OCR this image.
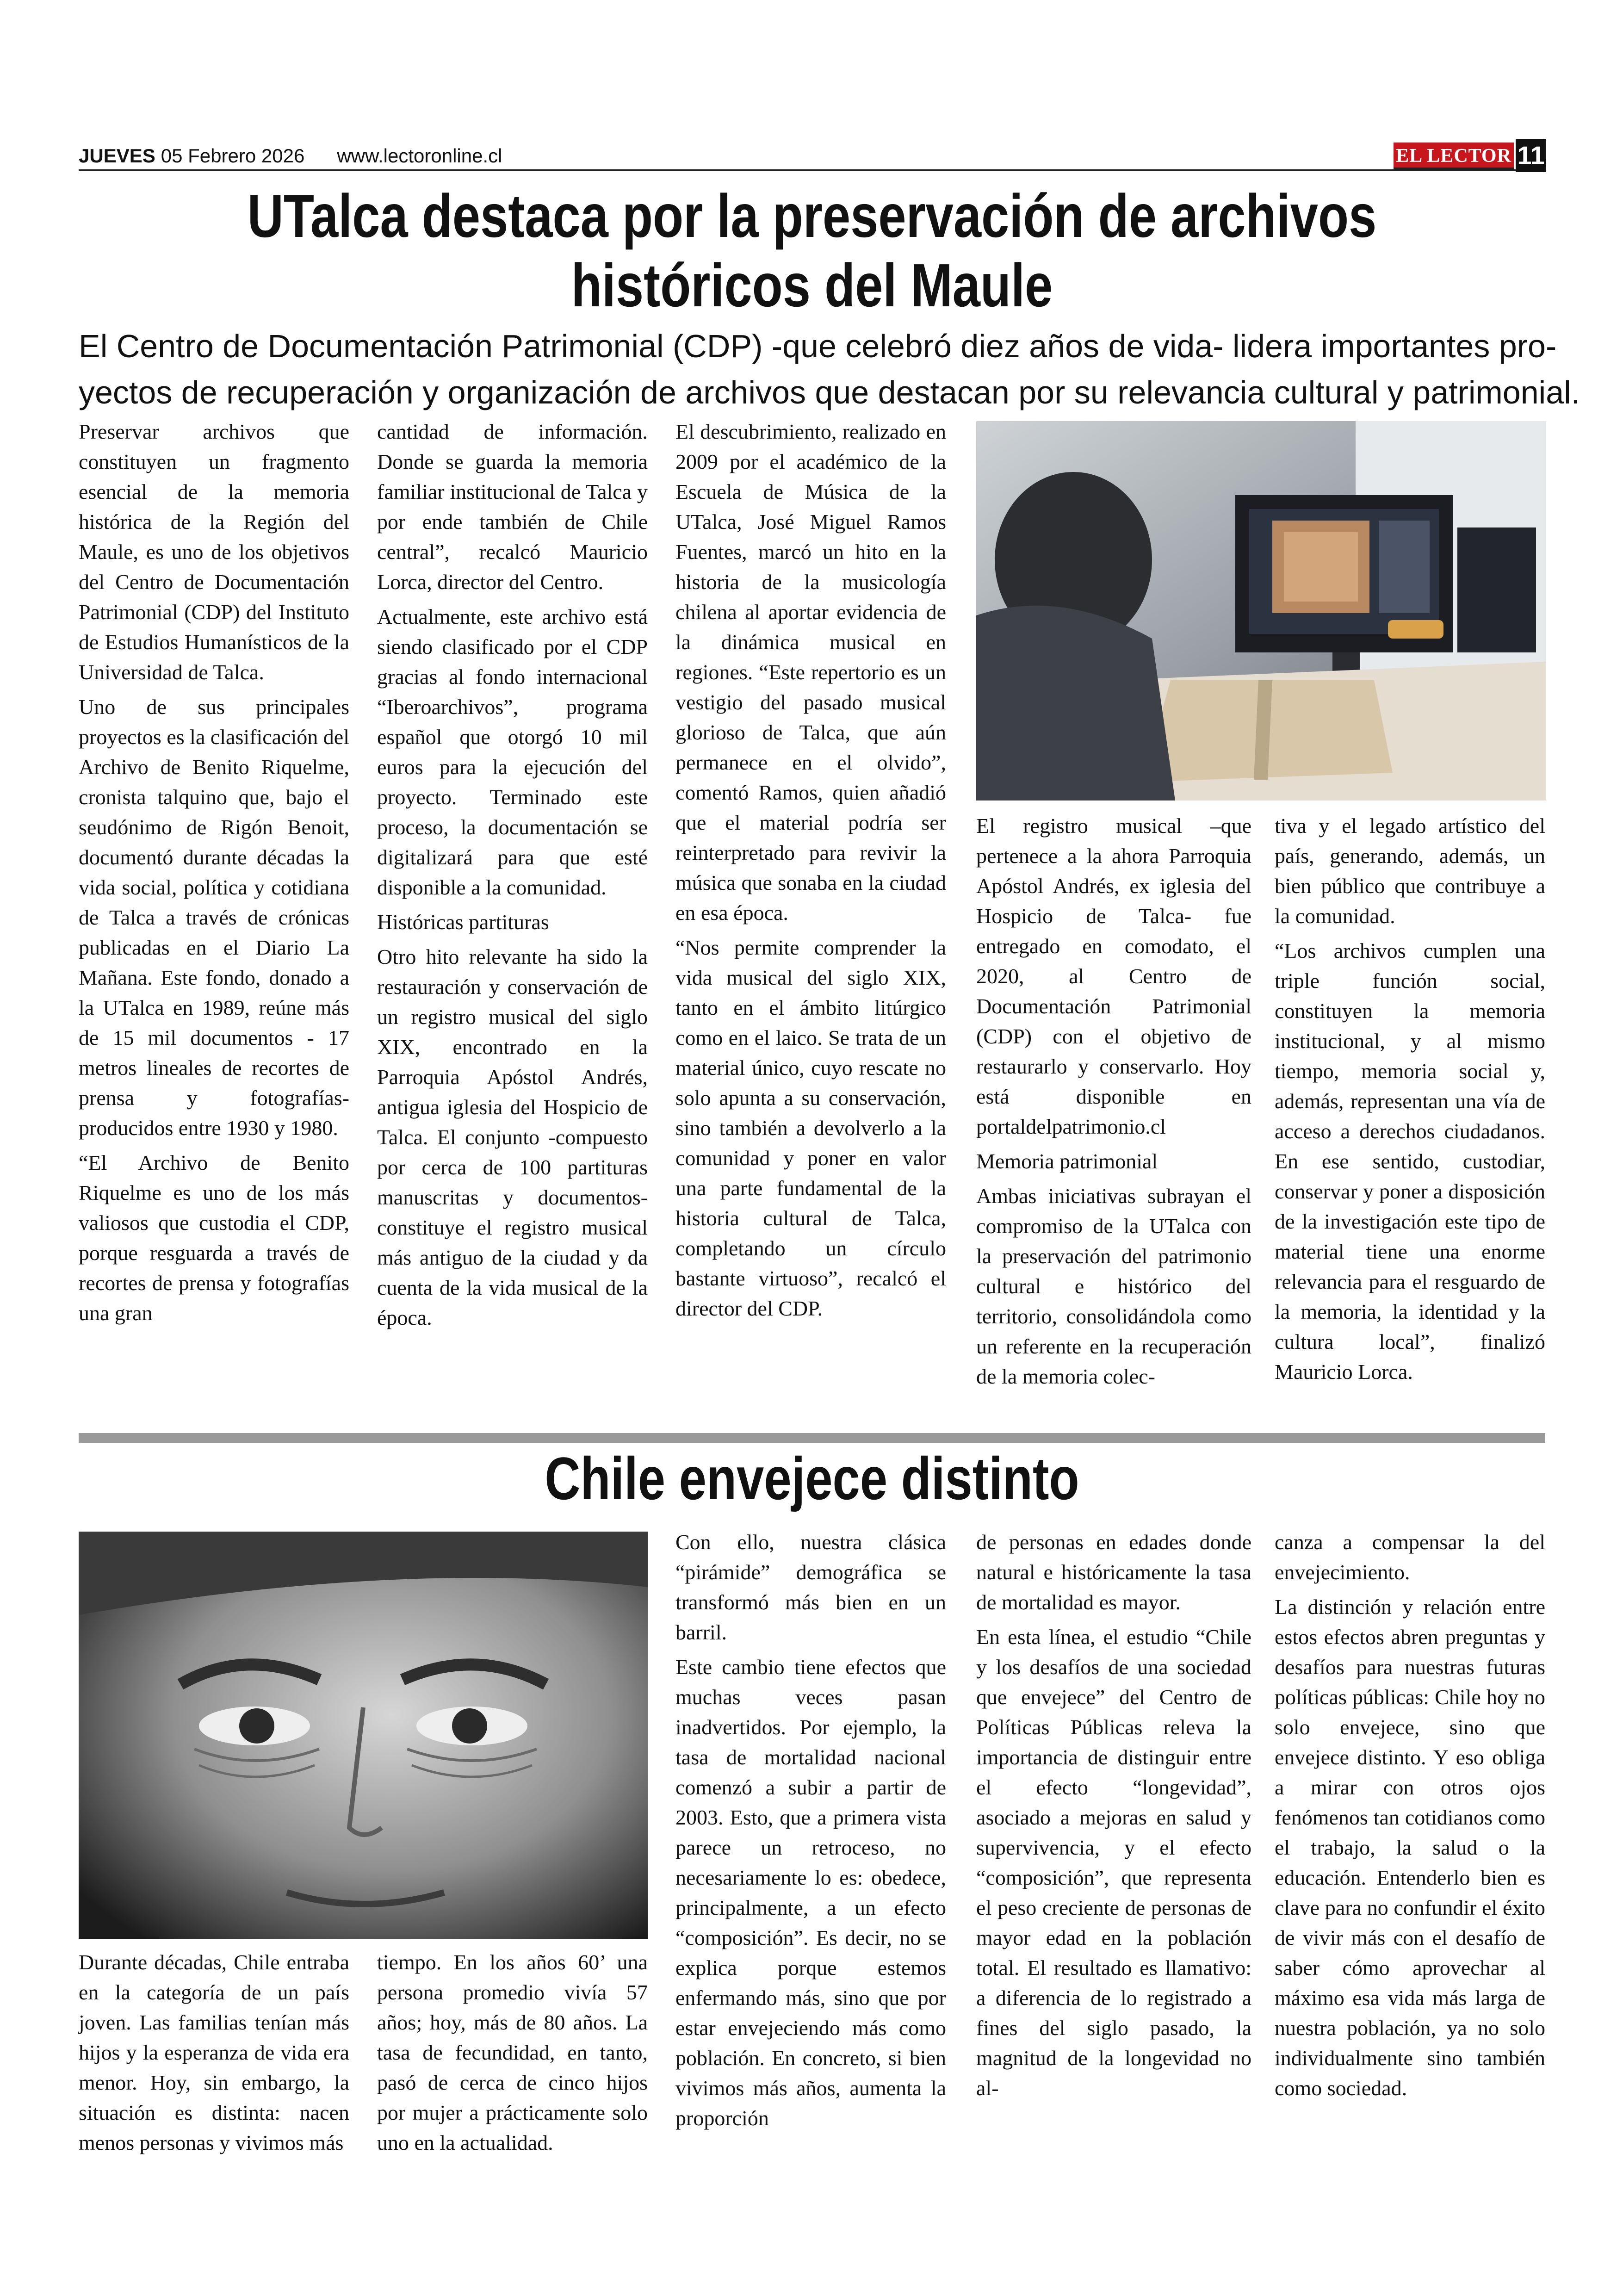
JUEVES 05 Febrero 2026 www.lectoronline.cl	EL LECTOR 11
UTalca destaca por la preservación de archivos
históricos del Maule
El Centro de Documentación Patrimonial (CDP) -que celebró diez años de vida- lidera importantes pro-
yectos de recuperación y organización de archivos que destacan por su relevancia cultural y patrimonial.

Preservar archivos que constituyen un fragmento esencial de la memoria histórica de la Región del Maule, es uno de los objetivos del Centro de Documentación Patrimonial (CDP) del Instituto de Estudios Humanísticos de la Universidad de Talca.

Uno de sus principales proyectos es la clasificación del Archivo de Benito Riquelme, cronista talquino que, bajo el seudónimo de Rigón Benoit, documentó durante décadas la vida social, política y cotidiana de Talca a través de crónicas publicadas en el Diario La Mañana. Este fondo, donado a la UTalca en 1989, reúne más de 15 mil documentos - 17 metros lineales de recortes de prensa y fotografías- producidos entre 1930 y 1980.

“El Archivo de Benito Riquelme es uno de los más valiosos que custodia el CDP, porque resguarda a través de recortes de prensa y fotografías una gran

cantidad de información. Donde se guarda la memoria familiar institucional de Talca y por ende también de Chile central”, recalcó Mauricio Lorca, director del Centro.

Actualmente, este archivo está siendo clasificado por el CDP gracias al fondo internacional “Iberoarchivos”, programa español que otorgó 10 mil euros para la ejecución del proyecto. Terminado este proceso, la documentación se digitalizará para que esté disponible a la comunidad.

Históricas partituras

Otro hito relevante ha sido la restauración y conservación de un registro musical del siglo XIX, encontrado en la Parroquia Apóstol Andrés, antigua iglesia del Hospicio de Talca. El conjunto -compuesto por cerca de 100 partituras manuscritas y documentos- constituye el registro musical más antiguo de la ciudad y da cuenta de la vida musical de la época.

El descubrimiento, realizado en 2009 por el académico de la Escuela de Música de la UTalca, José Miguel Ramos Fuentes, marcó un hito en la historia de la musicología chilena al aportar evidencia de la dinámica musical en regiones. “Este repertorio es un vestigio del pasado musical glorioso de Talca, que aún permanece en el olvido”, comentó Ramos, quien añadió que el material podría ser reinterpretado para revivir la música que sonaba en la ciudad en esa época.

“Nos permite comprender la vida musical del siglo XIX, tanto en el ámbito litúrgico como en el laico. Se trata de un material único, cuyo rescate no solo apunta a su conservación, sino también a devolverlo a la comunidad y poner en valor una parte fundamental de la historia cultural de Talca, completando un círculo bastante virtuoso”, recalcó el director del CDP.

El registro musical –que pertenece a la ahora Parroquia Apóstol Andrés, ex iglesia del Hospicio de Talca- fue entregado en comodato, el 2020, al Centro de Documentación Patrimonial (CDP) con el objetivo de restaurarlo y conservarlo. Hoy está disponible en portaldelpatrimonio.cl

Memoria patrimonial

Ambas iniciativas subrayan el compromiso de la UTalca con la preservación del patrimonio cultural e histórico del territorio, consolidándola como un referente en la recuperación de la memoria colec-

tiva y el legado artístico del país, generando, además, un bien público que contribuye a la comunidad.

“Los archivos cumplen una triple función social, constituyen la memoria institucional, y al mismo tiempo, memoria social y, además, representan una vía de acceso a derechos ciudadanos. En ese sentido, custodiar, conservar y poner a disposición de la investigación este tipo de material tiene una enorme relevancia para el resguardo de la memoria, la identidad y la cultura local”, finalizó Mauricio Lorca.

Chile envejece distinto

Durante décadas, Chile entraba en la categoría de un país joven. Las familias tenían más hijos y la esperanza de vida era menor. Hoy, sin embargo, la situación es distinta: nacen menos personas y vivimos más

tiempo. En los años 60’ una persona promedio vivía 57 años; hoy, más de 80 años. La tasa de fecundidad, en tanto, pasó de cerca de cinco hijos por mujer a prácticamente solo uno en la actualidad.

Con ello, nuestra clásica “pirámide” demográfica se transformó más bien en un barril.

Este cambio tiene efectos que muchas veces pasan inadvertidos. Por ejemplo, la tasa de mortalidad nacional comenzó a subir a partir de 2003. Esto, que a primera vista parece un retroceso, no necesariamente lo es: obedece, principalmente, a un efecto “composición”. Es decir, no se explica porque estemos enfermando más, sino que por estar envejeciendo más como población. En concreto, si bien vivimos más años, aumenta la proporción

de personas en edades donde natural e históricamente la tasa de mortalidad es mayor.

En esta línea, el estudio “Chile y los desafíos de una sociedad que envejece” del Centro de Políticas Públicas releva la importancia de distinguir entre el efecto “longevidad”, asociado a mejoras en salud y supervivencia, y el efecto “composición”, que representa el peso creciente de personas de mayor edad en la población total. El resultado es llamativo: a diferencia de lo registrado a fines del siglo pasado, la magnitud de la longevidad no al-

canza a compensar la del envejecimiento.

La distinción y relación entre estos efectos abren preguntas y desafíos para nuestras futuras políticas públicas: Chile hoy no solo envejece, sino que envejece distinto. Y eso obliga a mirar con otros ojos fenómenos tan cotidianos como el trabajo, la salud o la educación. Entenderlo bien es clave para no confundir el éxito de vivir más con el desafío de saber cómo aprovechar al máximo esa vida más larga de nuestra población, ya no solo individualmente sino también como sociedad.
